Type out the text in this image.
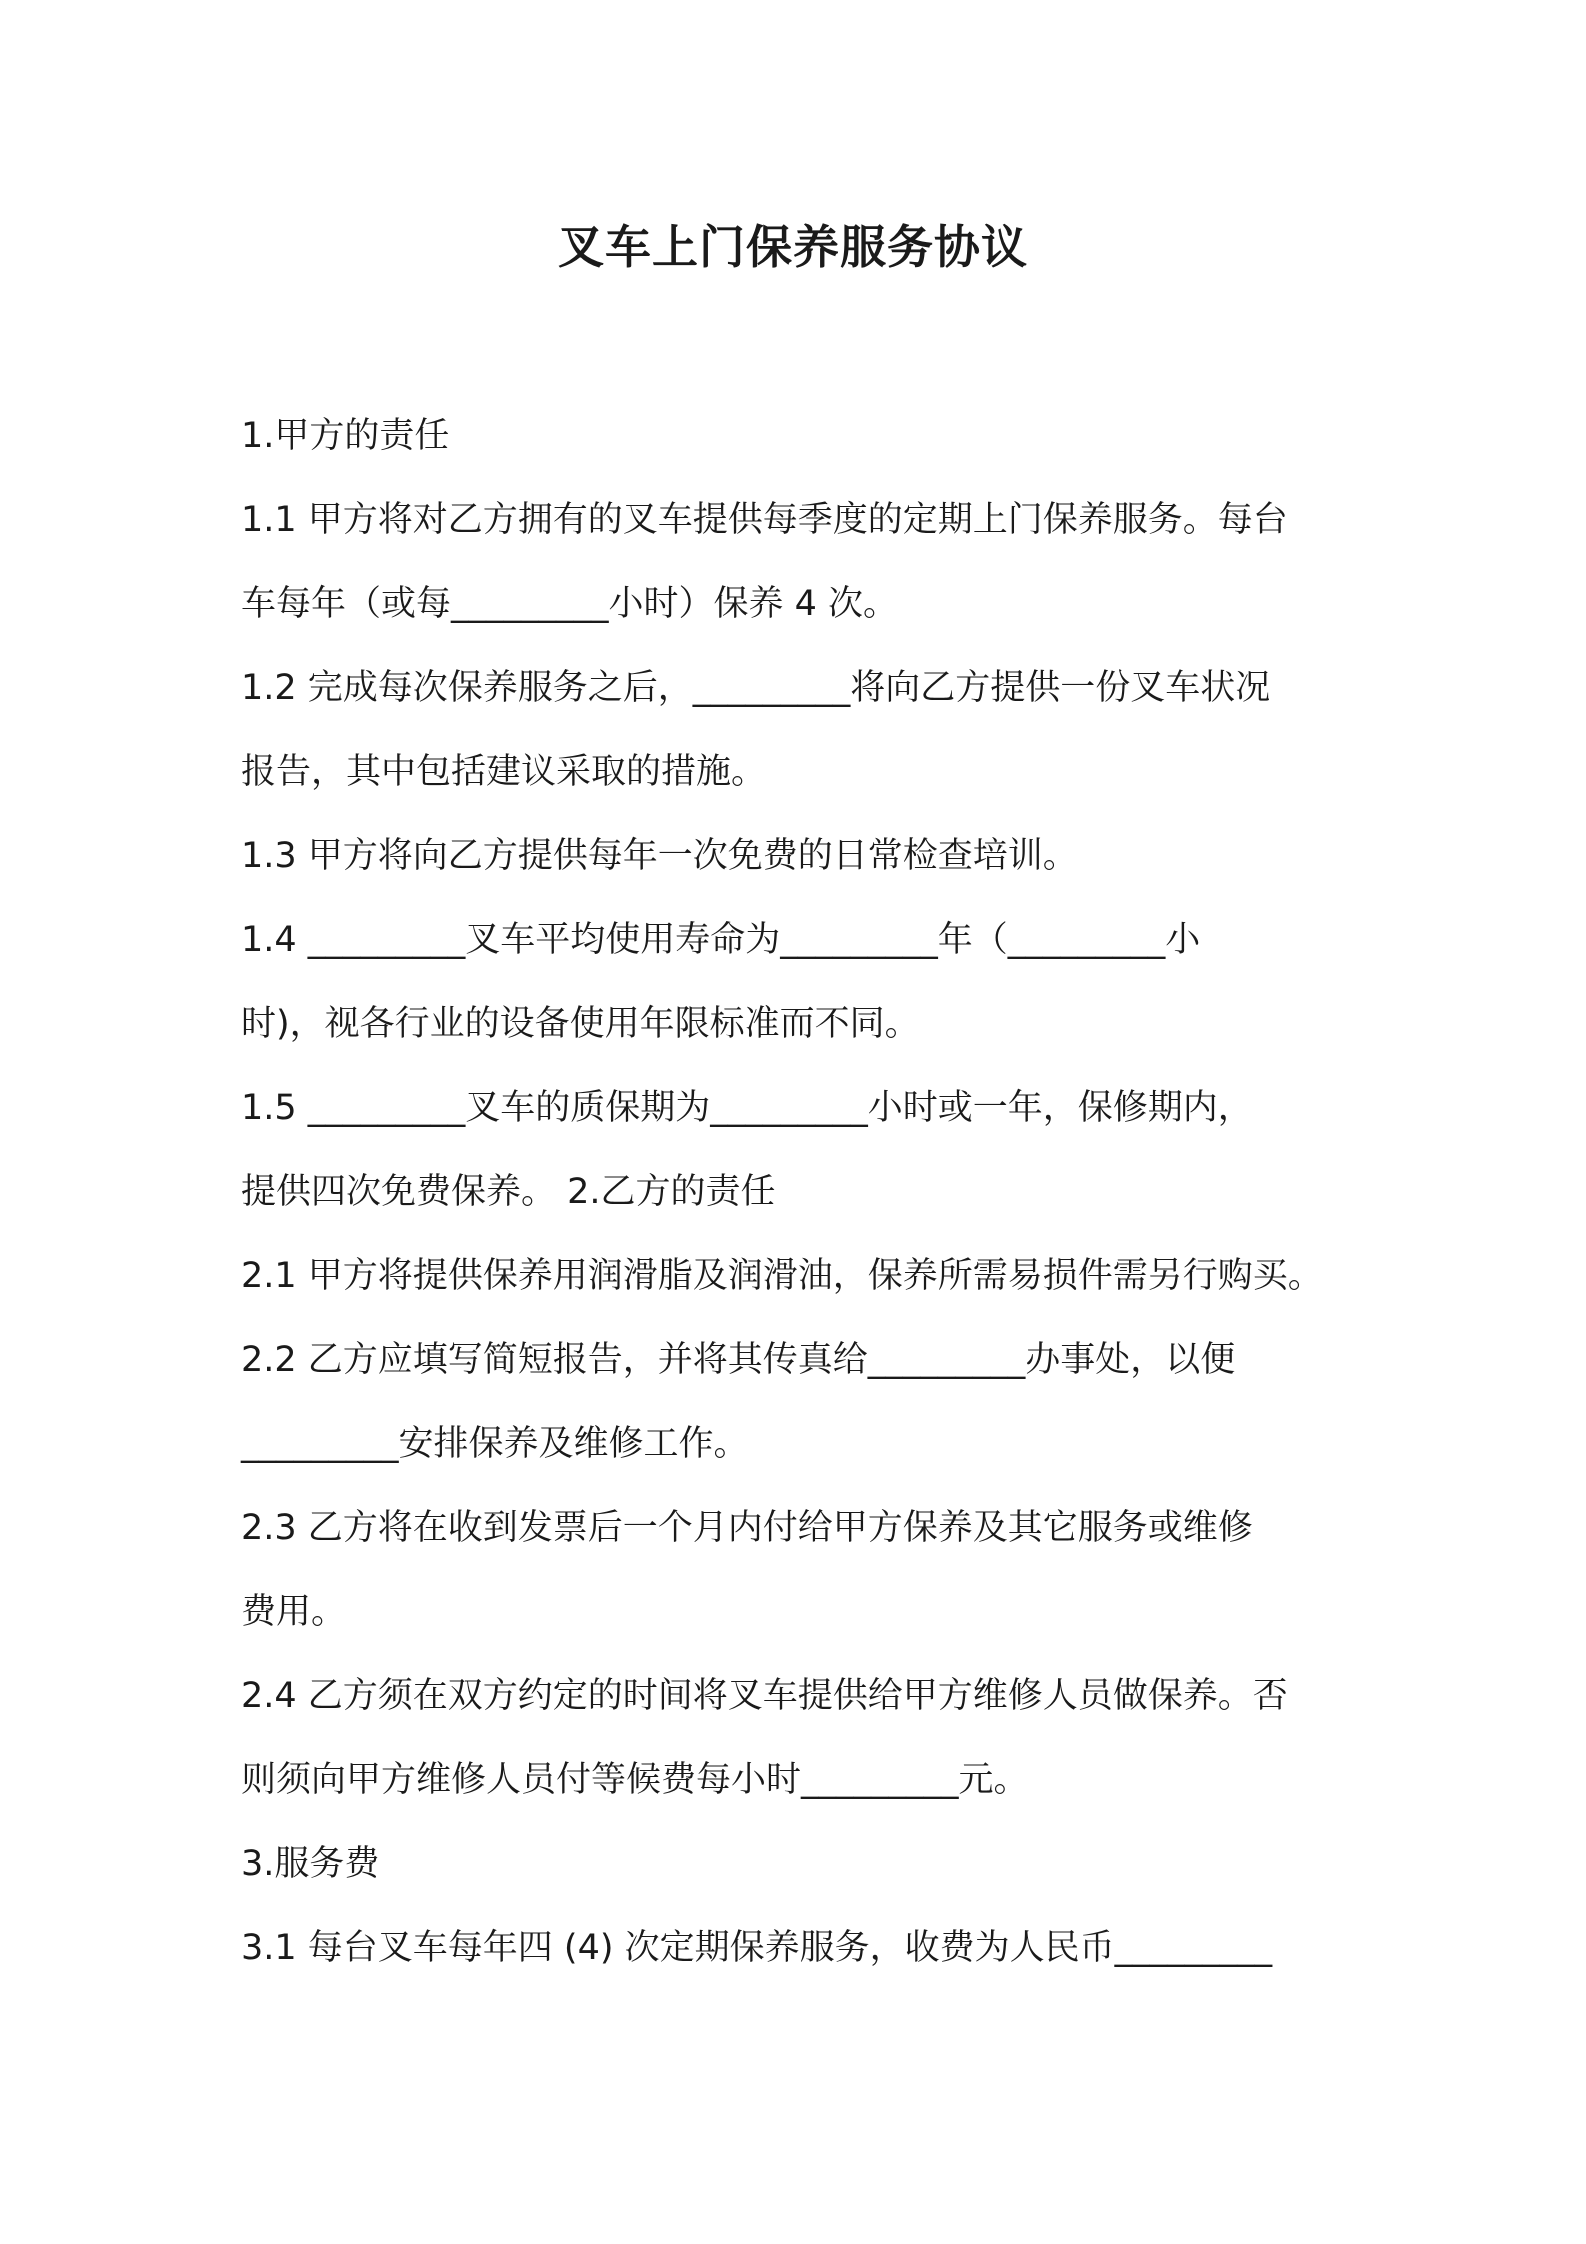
叉车上门保养服务协议
1.甲方的责任
1.1 甲方将对乙方拥有的叉车提供每季度的定期上门保养服务。每台
车每年（或每_________小时）保养 4 次。
1.2 完成每次保养服务之后，_________将向乙方提供一份叉车状况
报告，其中包括建议采取的措施。
1.3 甲方将向乙方提供每年一次免费的日常检查培训。
1.4 _________叉车平均使用寿命为_________年（_________小
时)，视各行业的设备使用年限标准而不同。
1.5 _________叉车的质保期为_________小时或一年，保修期内，
提供四次免费保养。 2.乙方的责任
2.1 甲方将提供保养用润滑脂及润滑油，保养所需易损件需另行购买。
2.2 乙方应填写简短报告，并将其传真给_________办事处，以便
_________安排保养及维修工作。
2.3 乙方将在收到发票后一个月内付给甲方保养及其它服务或维修
费用。
2.4 乙方须在双方约定的时间将叉车提供给甲方维修人员做保养。否
则须向甲方维修人员付等候费每小时_________元。
3.服务费
3.1 每台叉车每年四 (4) 次定期保养服务，收费为人民币_________
